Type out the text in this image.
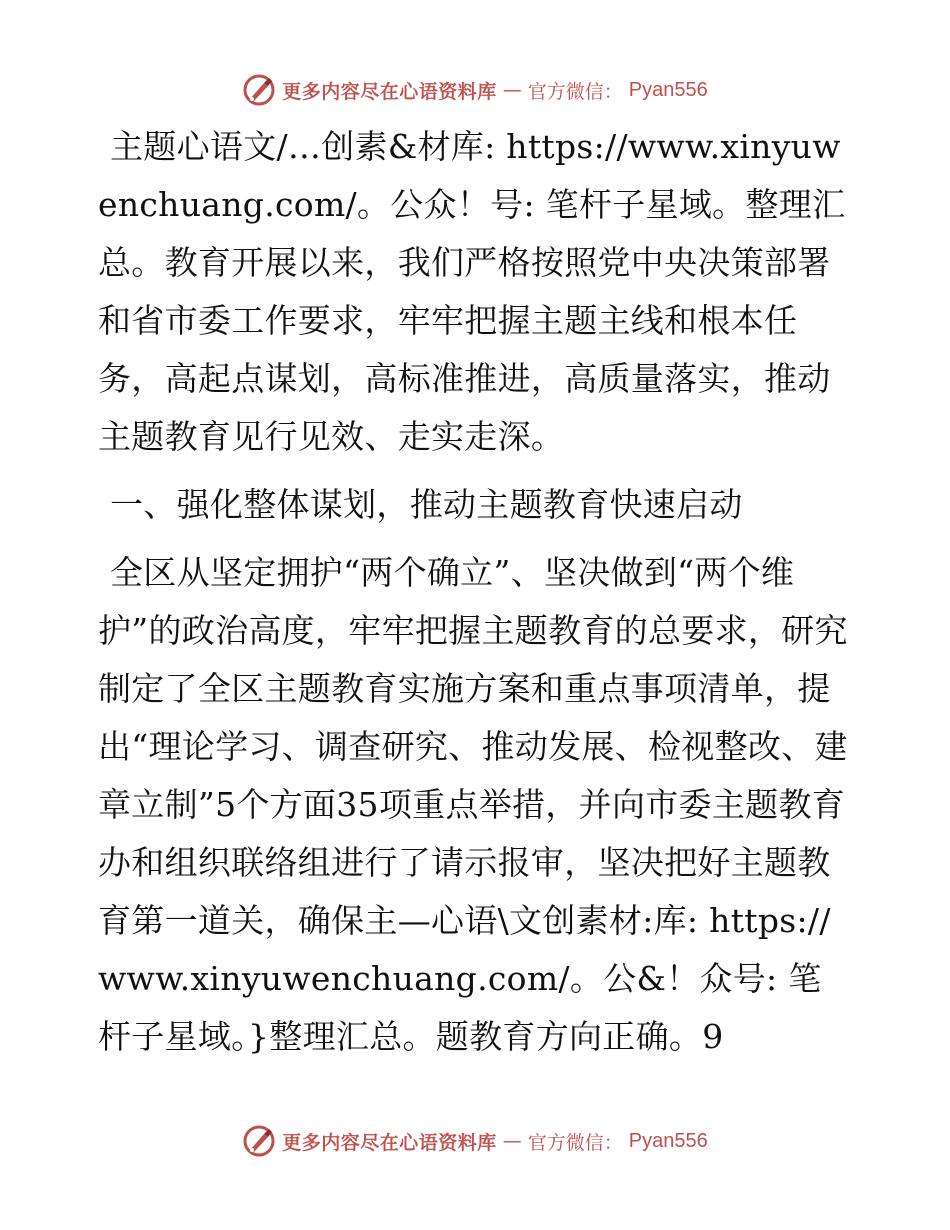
更多内容尽在心语资料库 — 官方微信： Pyan556

主题心语文/…创素&材库: https://www.xinyuwenchuang.com/。公众！号: 笔杆子星域。整理汇总。教育开展以来，我们严格按照党中央决策部署和省市委工作要求，牢牢把握主题主线和根本任务，高起点谋划，高标准推进，高质量落实，推动主题教育见行见效、走实走深。

一、强化整体谋划，推动主题教育快速启动

全区从坚定拥护“两个确立”、坚决做到“两个维护”的政治高度，牢牢把握主题教育的总要求，研究制定了全区主题教育实施方案和重点事项清单，提出“理论学习、调查研究、推动发展、检视整改、建章立制”5个方面35项重点举措，并向市委主题教育办和组织联络组进行了请示报审，坚决把好主题教育第一道关，确保主—心语\文创素材:库: https://www.xinyuwenchuang.com/。公&！众号: 笔杆子星域。}整理汇总。题教育方向正确。9

更多内容尽在心语资料库 — 官方微信： Pyan556
